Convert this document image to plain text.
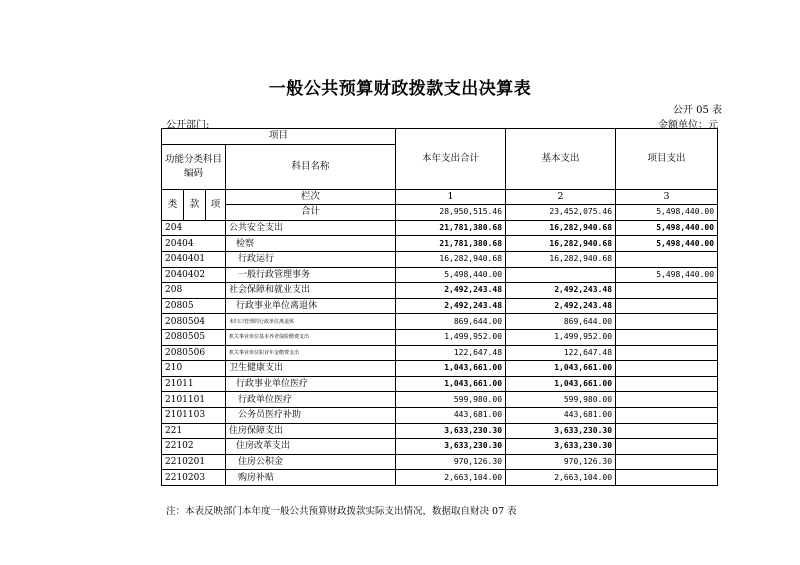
一般公共预算财政拨款支出决算表
公开 05 表
公开部门:	金额单位：元
项目				本年支出合计	基本支出	项目支出
功能分类科目编码			科目名称			

类	款	项	栏次	1	2	3
			合计	28,950,515.46	23,452,075.46	5,498,440.00
204			公共安全支出	21,781,380.68	16,282,940.68	5,498,440.00
20404			检察	21,781,380.68	16,282,940.68	5,498,440.00
2040401			行政运行	16,282,940.68	16,282,940.68	
2040402			一般行政管理事务	5,498,440.00		5,498,440.00
208			社会保障和就业支出	2,492,243.48	2,492,243.48	
20805			行政事业单位离退休	2,492,243.48	2,492,243.48	
2080504			未归口管理的行政单位离退休	869,644.00	869,644.00	
2080505			机关事业单位基本养老保险缴费支出	1,499,952.00	1,499,952.00	
2080506			机关事业单位职业年金缴费支出	122,647.48	122,647.48	
210			卫生健康支出	1,043,661.00	1,043,661.00	
21011			行政事业单位医疗	1,043,661.00	1,043,661.00	
2101101			行政单位医疗	599,980.00	599,980.00	
2101103			公务员医疗补助	443,681.00	443,681.00	
221			住房保障支出	3,633,230.30	3,633,230.30	
22102			住房改革支出	3,633,230.30	3,633,230.30	
2210201			住房公积金	970,126.30	970,126.30	
2210203			购房补贴	2,663,104.00	2,663,104.00	
注：本表反映部门本年度一般公共预算财政拨款实际支出情况，数据取自财决 07 表
